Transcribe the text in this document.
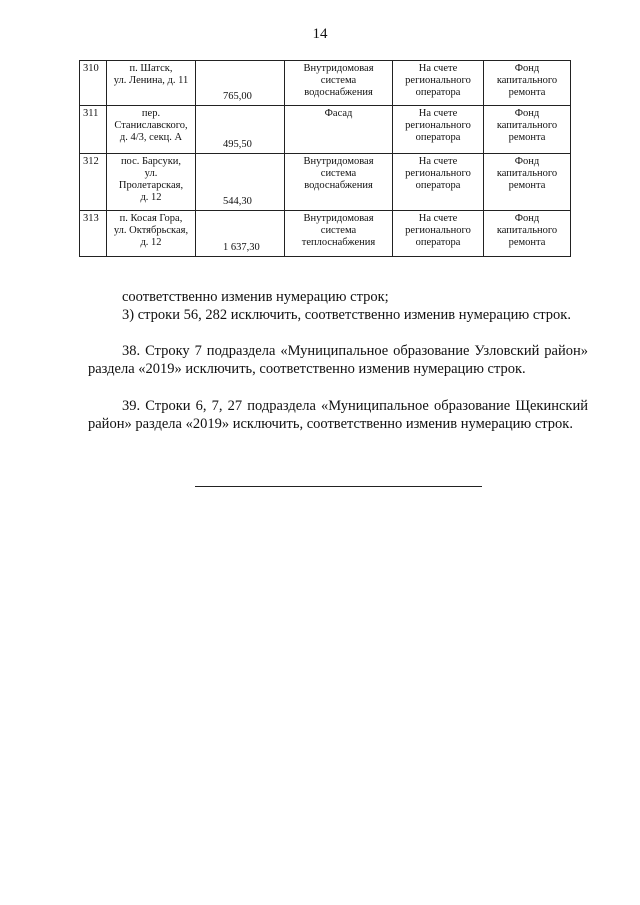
14
310	п. Шатск,
ул. Ленина, д. 11	765,00	Внутридомовая
система
водоснабжения	На счете
регионального
оператора	Фонд
капитального
ремонта

311	пер.
Станиславского,
д. 4/3, секц. А	495,50	Фасад	На счете
регионального
оператора	Фонд
капитального
ремонта

312	пос. Барсуки,
ул.
Пролетарская,
д. 12	544,30	Внутридомовая
система
водоснабжения	На счете
регионального
оператора	Фонд
капитального
ремонта

313	п. Косая Гора,
ул. Октябрьская,
д. 12	1 637,30	Внутридомовая
система
теплоснабжения	На счете
регионального
оператора	Фонд
капитального
ремонта
соответственно изменив нумерацию строк;
3) строки 56, 282 исключить, соответственно изменив нумерацию строк.
38. Строку 7 подраздела «Муниципальное образование Узловский район» раздела «2019» исключить, соответственно изменив нумерацию строк.
39. Строки 6, 7, 27 подраздела «Муниципальное образование Щекинский район» раздела «2019» исключить, соответственно изменив нумерацию строк.
